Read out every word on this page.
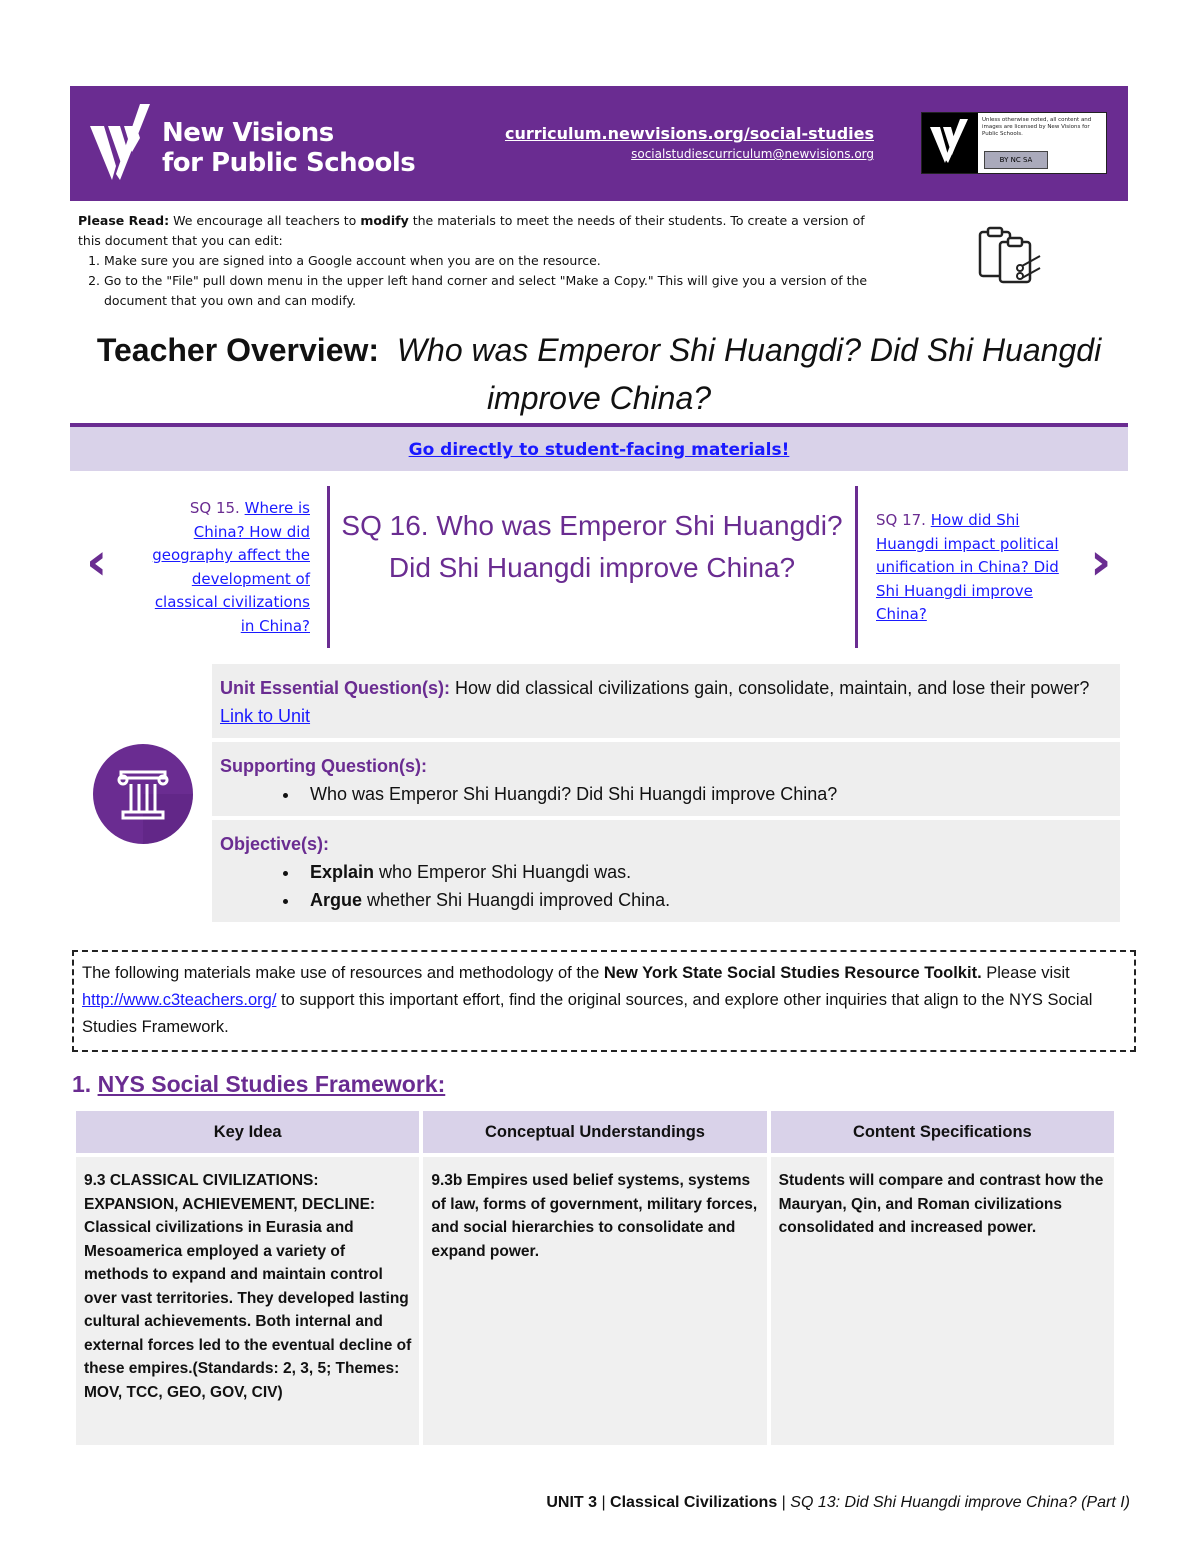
New Visions
for Public Schools
curriculum.newvisions.org/social-studies
socialstudiescurriculum@newvisions.org
Unless otherwise noted, all content and images are licensed by New Visions for Public Schools.
BY NC SA
Please Read: We encourage all teachers to modify the materials to meet the needs of their students. To create a version of this document that you can edit:
1. Make sure you are signed into a Google account when you are on the resource.
2. Go to the "File" pull down menu in the upper left hand corner and select "Make a Copy." This will give you a version of the document that you own and can modify.
Teacher Overview: Who was Emperor Shi Huangdi? Did Shi Huangdi improve China?
Go directly to student-facing materials!
‹
SQ 15. Where is China? How did geography affect the development of classical civilizations in China?
SQ 16. Who was Emperor Shi Huangdi? Did Shi Huangdi improve China?
SQ 17. How did Shi Huangdi impact political unification in China? Did Shi Huangdi improve China?
›
Unit Essential Question(s): How did classical civilizations gain, consolidate, maintain, and lose their power? Link to Unit
Supporting Question(s):
• Who was Emperor Shi Huangdi? Did Shi Huangdi improve China?
Objective(s):
• Explain who Emperor Shi Huangdi was.
• Argue whether Shi Huangdi improved China.
The following materials make use of resources and methodology of the New York State Social Studies Resource Toolkit. Please visit http://www.c3teachers.org/ to support this important effort, find the original sources, and explore other inquiries that align to the NYS Social Studies Framework.
1. NYS Social Studies Framework:
Key Idea	Conceptual Understandings	Content Specifications
9.3 CLASSICAL CIVILIZATIONS: EXPANSION, ACHIEVEMENT, DECLINE: Classical civilizations in Eurasia and Mesoamerica employed a variety of methods to expand and maintain control over vast territories. They developed lasting cultural achievements. Both internal and external forces led to the eventual decline of these empires.(Standards: 2, 3, 5; Themes: MOV, TCC, GEO, GOV, CIV)	9.3b Empires used belief systems, systems of law, forms of government, military forces, and social hierarchies to consolidate and expand power.	Students will compare and contrast how the Mauryan, Qin, and Roman civilizations consolidated and increased power.
UNIT 3 | Classical Civilizations | SQ 13: Did Shi Huangdi improve China? (Part I)
